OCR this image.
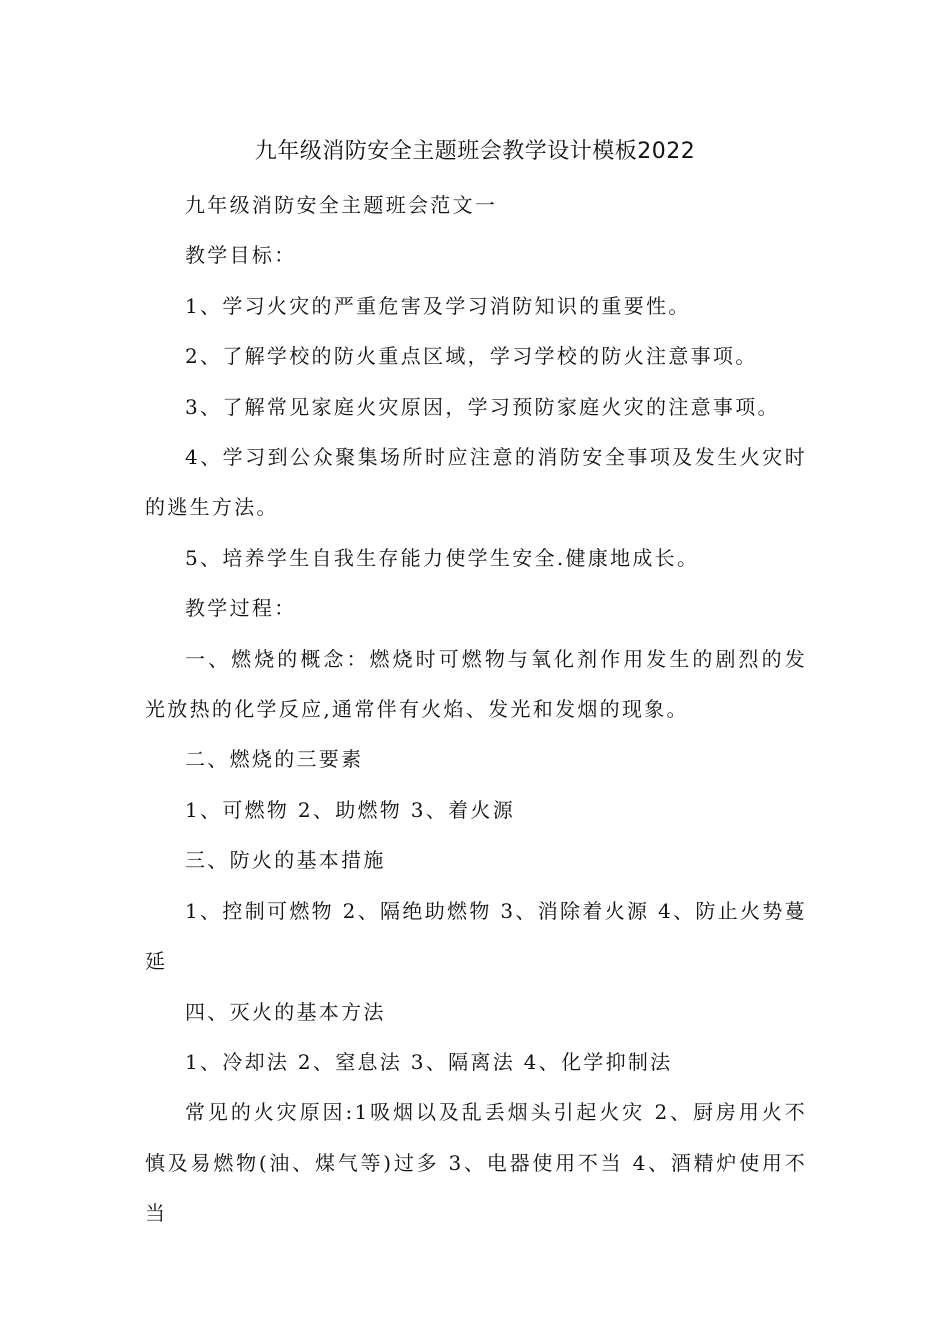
九年级消防安全主题班会教学设计模板2022

九年级消防安全主题班会范文一

教学目标：

1、学习火灾的严重危害及学习消防知识的重要性。

2、了解学校的防火重点区域，学习学校的防火注意事项。

3、了解常见家庭火灾原因，学习预防家庭火灾的注意事项。

4、学习到公众聚集场所时应注意的消防安全事项及发生火灾时的逃生方法。

5、培养学生自我生存能力使学生安全.健康地成长。

教学过程：

一、燃烧的概念：燃烧时可燃物与氧化剂作用发生的剧烈的发光放热的化学反应,通常伴有火焰、发光和发烟的现象。

二、燃烧的三要素

1、可燃物 2、助燃物 3、着火源

三、防火的基本措施

1、控制可燃物 2、隔绝助燃物 3、消除着火源 4、防止火势蔓延

四、灭火的基本方法

1、冷却法 2、窒息法 3、隔离法 4、化学抑制法

常见的火灾原因:1吸烟以及乱丢烟头引起火灾 2、厨房用火不慎及易燃物(油、煤气等)过多 3、电器使用不当 4、酒精炉使用不当
